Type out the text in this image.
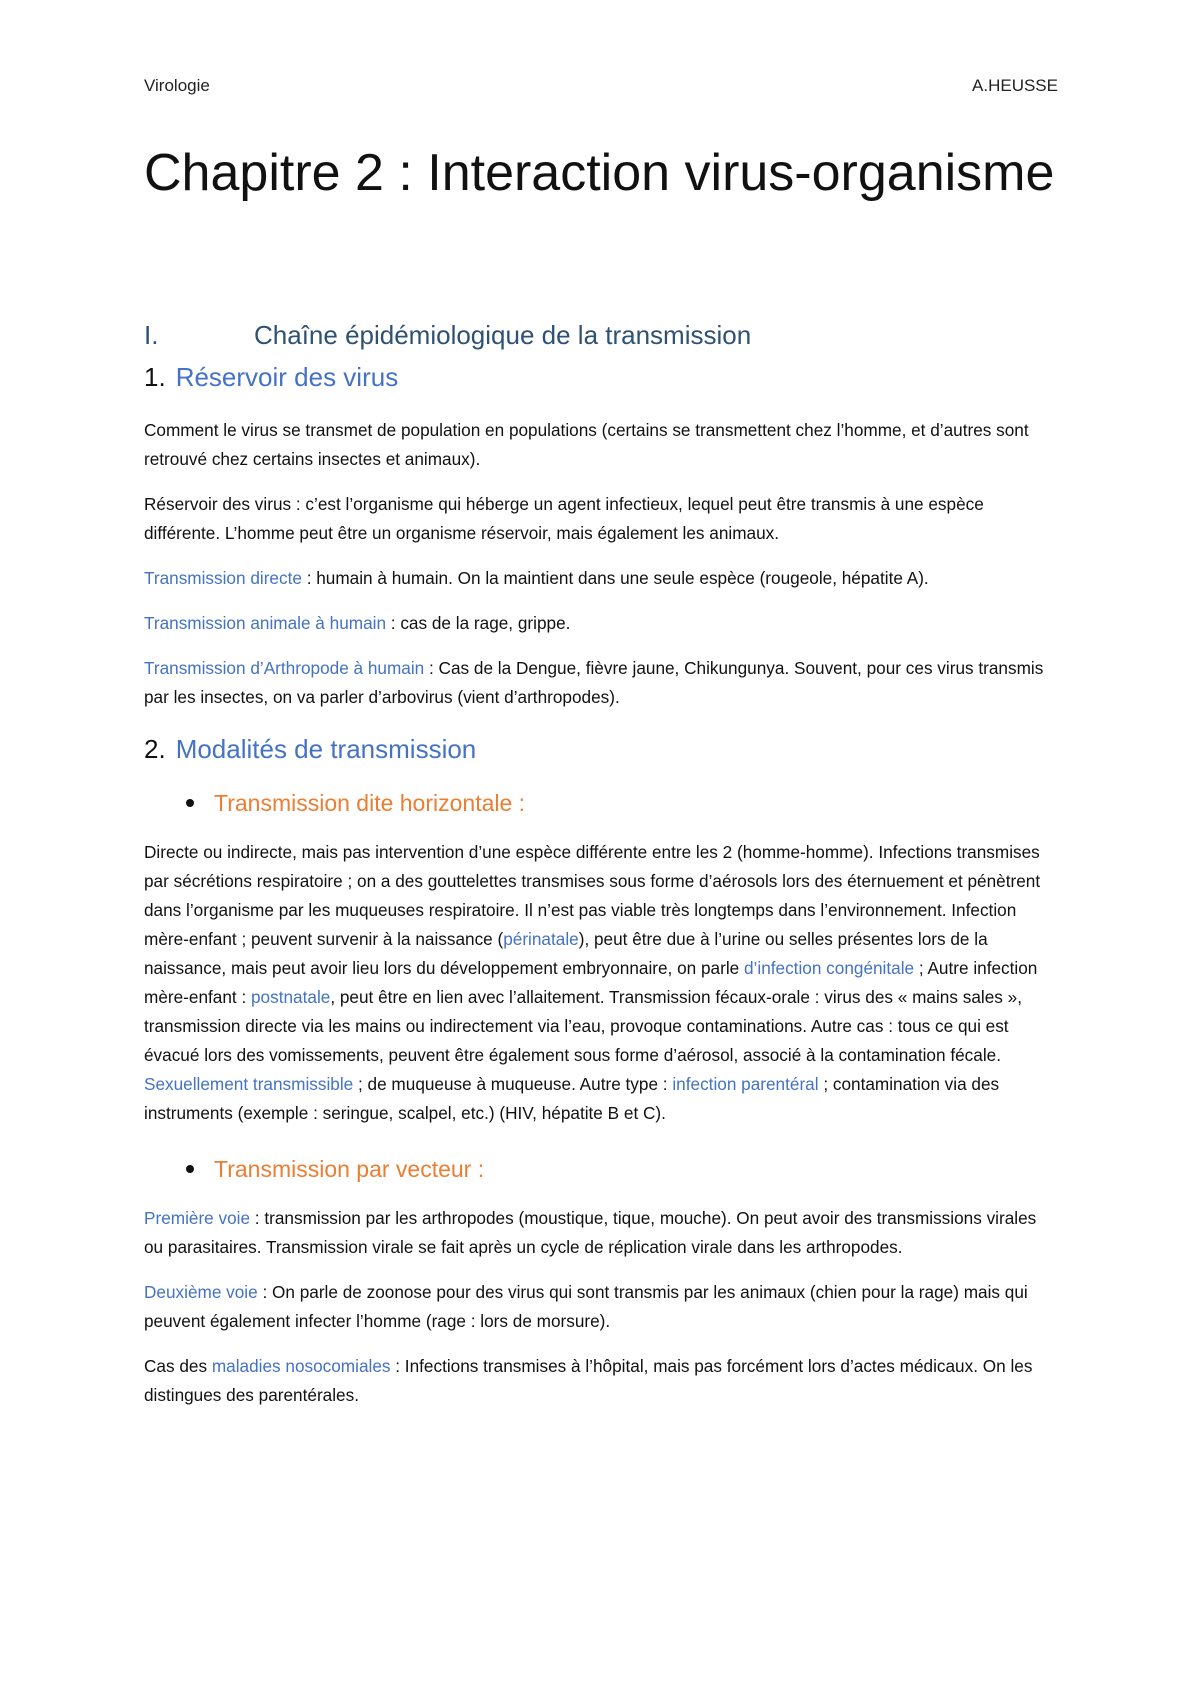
Virologie	A.HEUSSE
Chapitre 2 : Interaction virus-organisme
I.	Chaîne épidémiologique de la transmission
1. Réservoir des virus

Comment le virus se transmet de population en populations (certains se transmettent chez l’homme, et d’autres sont retrouvé chez certains insectes et animaux).

Réservoir des virus : c’est l’organisme qui héberge un agent infectieux, lequel peut être transmis à une espèce différente. L’homme peut être un organisme réservoir, mais également les animaux.

Transmission directe : humain à humain. On la maintient dans une seule espèce (rougeole, hépatite A).

Transmission animale à humain : cas de la rage, grippe.

Transmission d’Arthropode à humain : Cas de la Dengue, fièvre jaune, Chikungunya. Souvent, pour ces virus transmis par les insectes, on va parler d’arbovirus (vient d’arthropodes).

2. Modalités de transmission
Transmission dite horizontale :

Directe ou indirecte, mais pas intervention d’une espèce différente entre les 2 (homme-homme). Infections transmises par sécrétions respiratoire ; on a des gouttelettes transmises sous forme d’aérosols lors des éternuement et pénètrent dans l’organisme par les muqueuses respiratoire. Il n’est pas viable très longtemps dans l’environnement. Infection mère-enfant ; peuvent survenir à la naissance (périnatale), peut être due à l’urine ou selles présentes lors de la naissance, mais peut avoir lieu lors du développement embryonnaire, on parle d’infection congénitale ; Autre infection mère-enfant : postnatale, peut être en lien avec l’allaitement. Transmission fécaux-orale : virus des « mains sales », transmission directe via les mains ou indirectement via l’eau, provoque contaminations. Autre cas : tous ce qui est évacué lors des vomissements, peuvent être également sous forme d’aérosol, associé à la contamination fécale. Sexuellement transmissible ; de muqueuse à muqueuse. Autre type : infection parentéral ; contamination via des instruments (exemple : seringue, scalpel, etc.) (HIV, hépatite B et C).

Transmission par vecteur :

Première voie : transmission par les arthropodes (moustique, tique, mouche). On peut avoir des transmissions virales ou parasitaires. Transmission virale se fait après un cycle de réplication virale dans les arthropodes.

Deuxième voie : On parle de zoonose pour des virus qui sont transmis par les animaux (chien pour la rage) mais qui peuvent également infecter l’homme (rage : lors de morsure).

Cas des maladies nosocomiales : Infections transmises à l’hôpital, mais pas forcément lors d’actes médicaux. On les distingues des parentérales.
